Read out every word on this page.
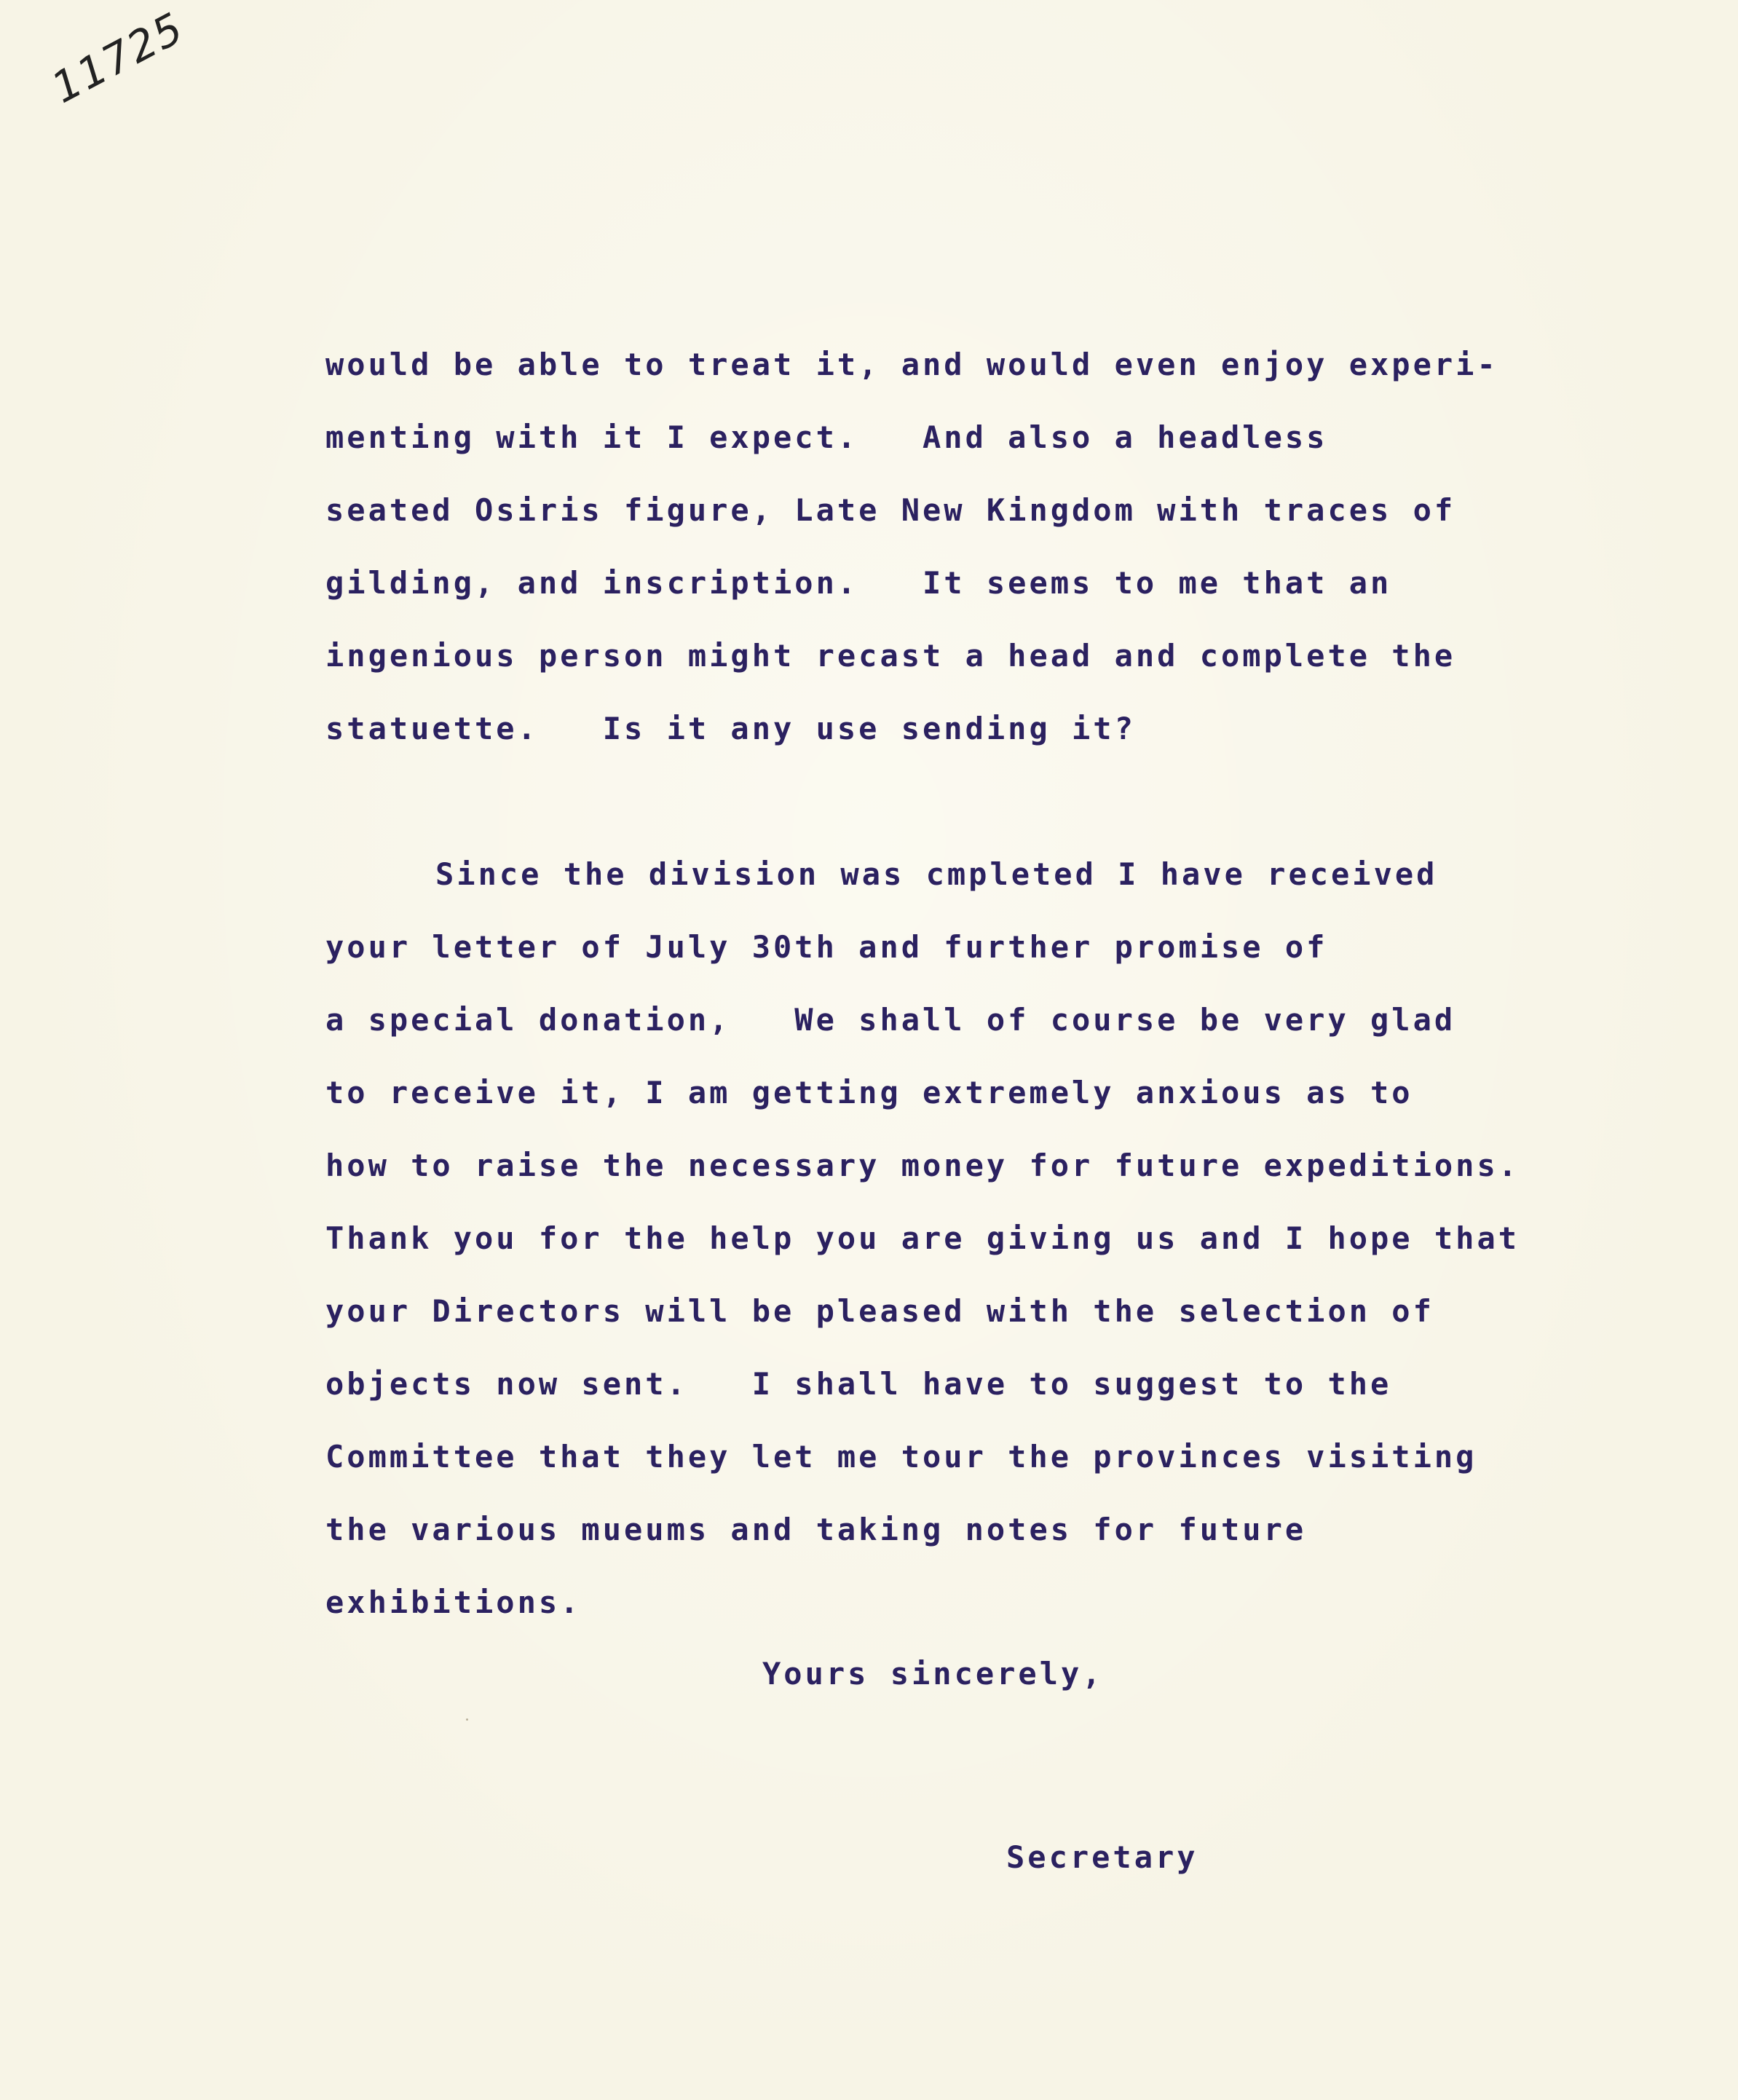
11725
would be able to treat it, and would even enjoy experi-
menting with it I expect.   And also a headless
seated Osiris figure, Late New Kingdom with traces of
gilding, and inscription.   It seems to me that an
ingenious person might recast a head and complete the
statuette.   Is it any use sending it?
Since the division was cmpleted I have received
your letter of July 30th and further promise of
a special donation,   We shall of course be very glad
to receive it, I am getting extremely anxious as to
how to raise the necessary money for future expeditions.
Thank you for the help you are giving us and I hope that
your Directors will be pleased with the selection of
objects now sent.   I shall have to suggest to the
Committee that they let me tour the provinces visiting
the various mueums and taking notes for future
exhibitions.
Yours sincerely,
Secretary
